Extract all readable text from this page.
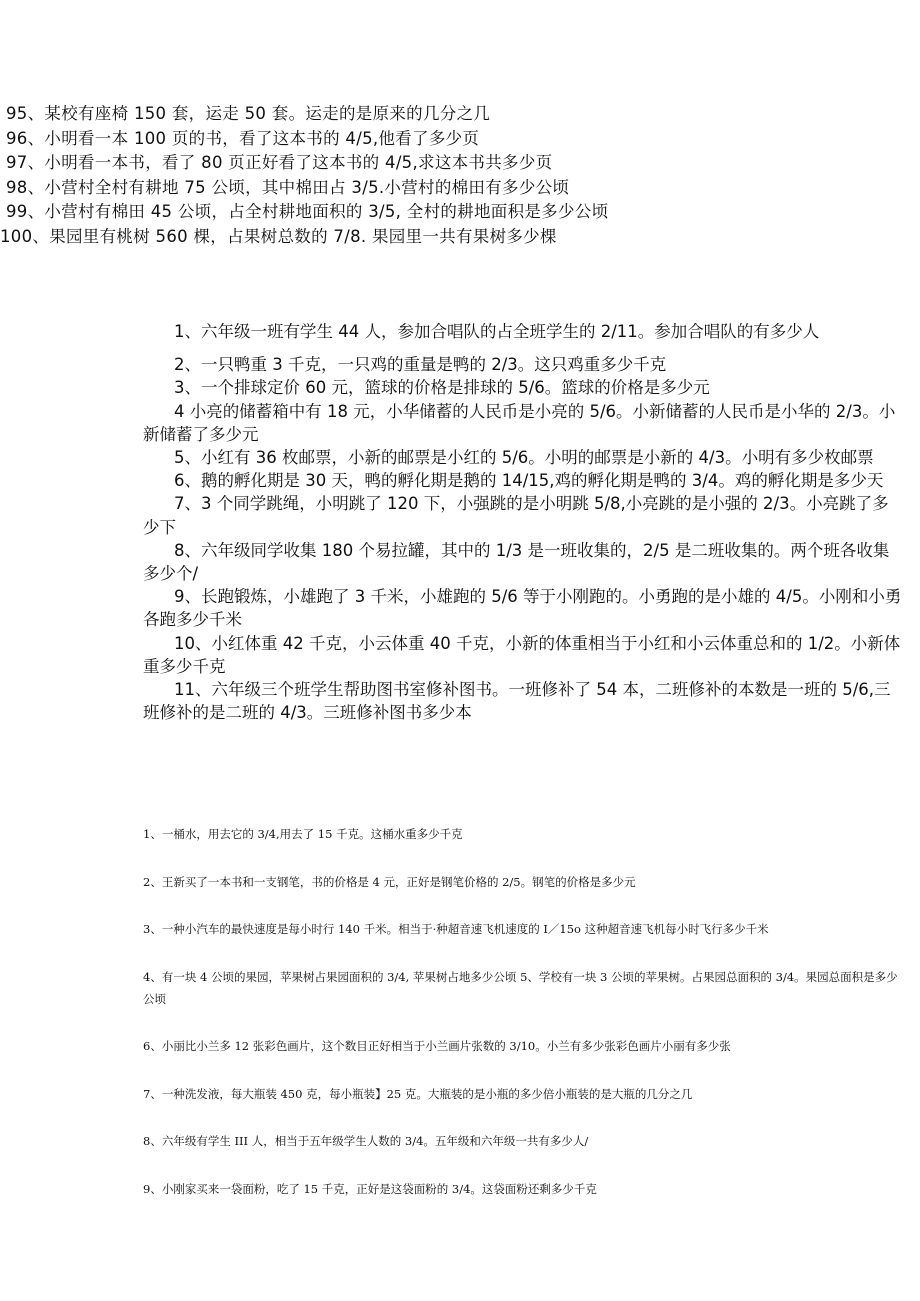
95、某校有座椅 150 套，运走 50 套。运走的是原来的几分之几
96、小明看一本 100 页的书，看了这本书的 4/5,他看了多少页
97、小明看一本书，看了 80 页正好看了这本书的 4/5,求这本书共多少页
98、小营村全村有耕地 75 公顷，其中棉田占 3/5.小营村的棉田有多少公顷
99、小营村有棉田 45 公顷，占全村耕地面积的 3/5, 全村的耕地面积是多少公顷
100、果园里有桃树 560 棵，占果树总数的 7/8. 果园里一共有果树多少棵

1、六年级一班有学生 44 人，参加合唱队的占全班学生的 2/11。参加合唱队的有多少人

2、一只鸭重 3 千克，一只鸡的重量是鸭的 2/3。这只鸡重多少千克

3、一个排球定价 60 元，篮球的价格是排球的 5/6。篮球的价格是多少元

4 小亮的储蓄箱中有 18 元，小华储蓄的人民币是小亮的 5/6。小新储蓄的人民币是小华的 2/3。小新储蓄了多少元

5、小红有 36 枚邮票，小新的邮票是小红的 5/6。小明的邮票是小新的 4/3。小明有多少枚邮票

6、鹅的孵化期是 30 天，鸭的孵化期是鹅的 14/15,鸡的孵化期是鸭的 3/4。鸡的孵化期是多少天

7、3 个同学跳绳，小明跳了 120 下，小强跳的是小明跳 5/8,小亮跳的是小强的 2/3。小亮跳了多少下

8、六年级同学收集 180 个易拉罐，其中的 1/3 是一班收集的，2/5 是二班收集的。两个班各收集多少个/

9、长跑锻炼，小雄跑了 3 千米，小雄跑的 5/6 等于小刚跑的。小勇跑的是小雄的 4/5。小刚和小勇各跑多少千米

10、小红体重 42 千克，小云体重 40 千克，小新的体重相当于小红和小云体重总和的 1/2。小新体重多少千克

11、六年级三个班学生帮助图书室修补图书。一班修补了 54 本，二班修补的本数是一班的 5/6,三班修补的是二班的 4/3。三班修补图书多少本

1、一桶水，用去它的 3/4,用去了 15 千克。这桶水重多少千克

2、王新买了一本书和一支钢笔，书的价格是 4 元，正好是钢笔价格的 2/5。钢笔的价格是多少元

3、一种小汽车的最快速度是每小时行 140 千米。相当于·种超音速飞机速度的 I／15o 这种超音速飞机每小时飞行多少千米

4、有一块 4 公顷的果园，苹果树占果园面积的 3/4, 苹果树占地多少公顷 5、学校有一块 3 公顷的苹果树。占果园总面积的 3/4。果园总面积是多少公顷

6、小丽比小兰多 12 张彩色画片，这个数目正好相当于小兰画片张数的 3/10。小兰有多少张彩色画片小丽有多少张

7、一种洗发液，每大瓶装 450 克，每小瓶装】25 克。大瓶装的是小瓶的多少倍小瓶装的是大瓶的几分之几

8、六年级有学生 III 人，相当于五年级学生人数的 3/4。五年级和六年级一共有多少人/

9、小刚家买来一袋面粉，吃了 15 千克，正好是这袋面粉的 3/4。这袋面粉还剩多少千克
